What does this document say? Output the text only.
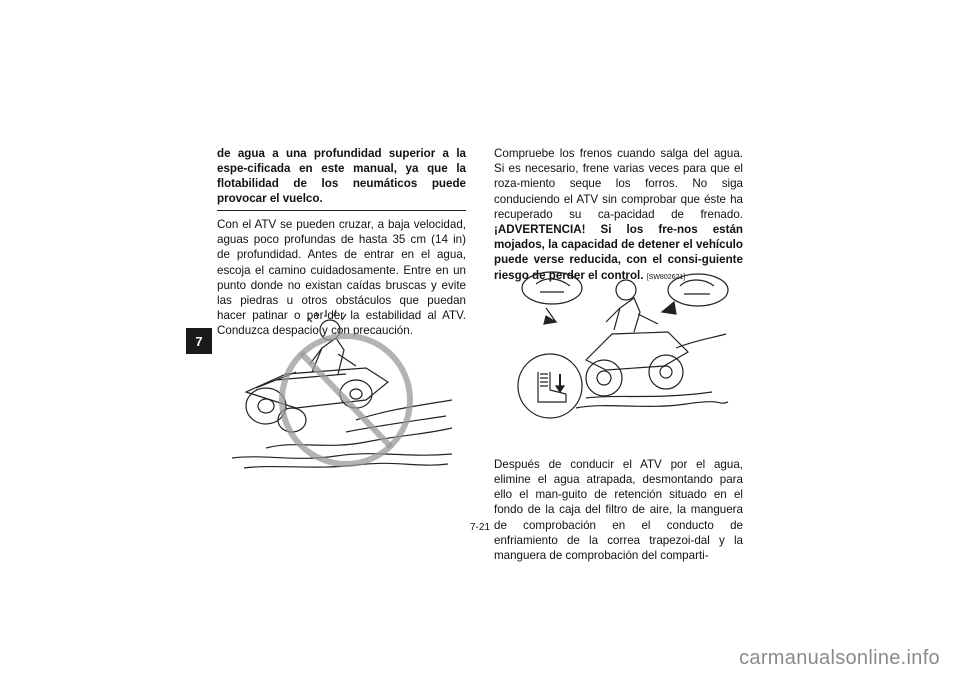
7
de agua a una profundidad superior a la espe-cificada en este manual, ya que la flotabilidad de los neumáticos puede provocar el vuelco.
Con el ATV se pueden cruzar, a baja velocidad, aguas poco profundas de hasta 35 cm (14 in) de profundidad. Antes de entrar en el agua, escoja el camino cuidadosamente. Entre en un punto donde no existan caídas bruscas y evite las piedras u otros obstáculos que puedan hacer patinar o per-der la estabilidad al ATV. Conduzca despacio y con precaución.
Compruebe los frenos cuando salga del agua. Si es necesario, frene varias veces para que el roza-miento seque los forros. No siga conduciendo el ATV sin comprobar que éste ha recuperado su ca-pacidad de frenado. ¡ADVERTENCIA! Si los fre-nos están mojados, la capacidad de detener el vehículo puede verse reducida, con el consi-guiente riesgo de perder el control. [SW802621]
Después de conducir el ATV por el agua, elimine el agua atrapada, desmontando para ello el man-guito de retención situado en el fondo de la caja del filtro de aire, la manguera de comprobación en el conducto de enfriamiento de la correa trapezoi-dal y la manguera de comprobación del comparti-
7-21
carmanualsonline.info
